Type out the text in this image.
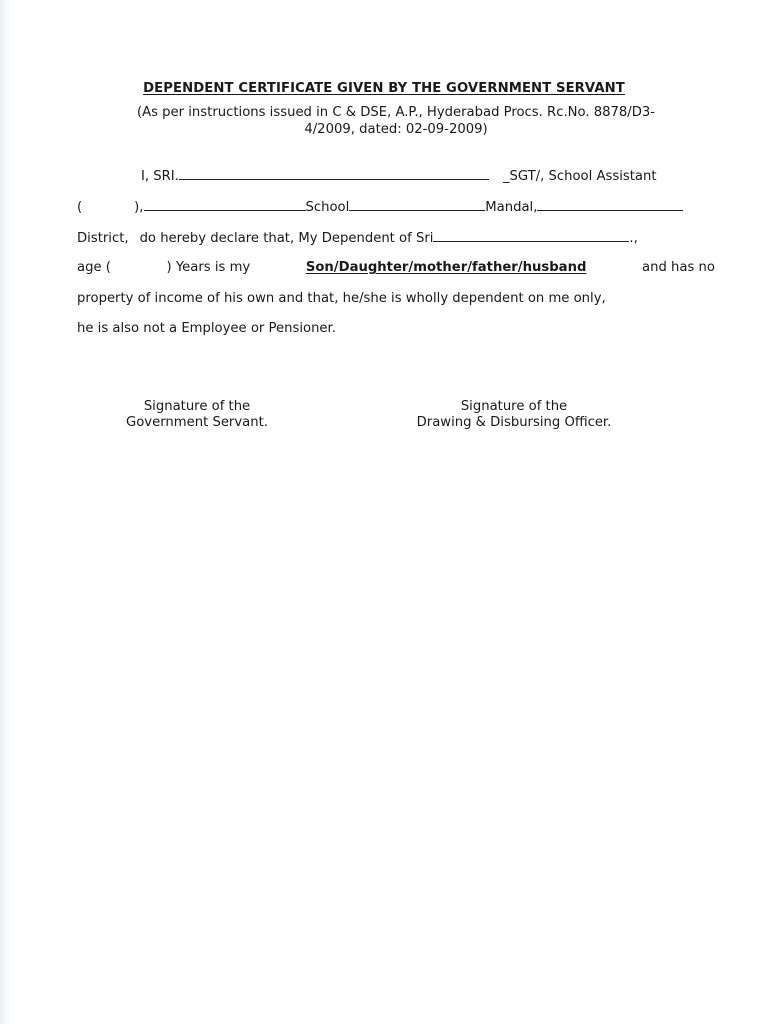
DEPENDENT CERTIFICATE GIVEN BY THE GOVERNMENT SERVANT
(As per instructions issued in C & DSE, A.P., Hyderabad Procs. Rc.No. 8878/D3-
4/2009, dated: 02-09-2009)
I, SRI.	_SGT/, School Assistant
(	),	School	Mandal,
District, do hereby declare that, My Dependent of Sri	.,
age (	) Years is my	Son/Daughter/mother/father/husband	and has no
property of income of his own and that, he/she is wholly dependent on me only,
he is also not a Employee or Pensioner.
Signature of the
Government Servant.
Signature of the
Drawing & Disbursing Officer.
